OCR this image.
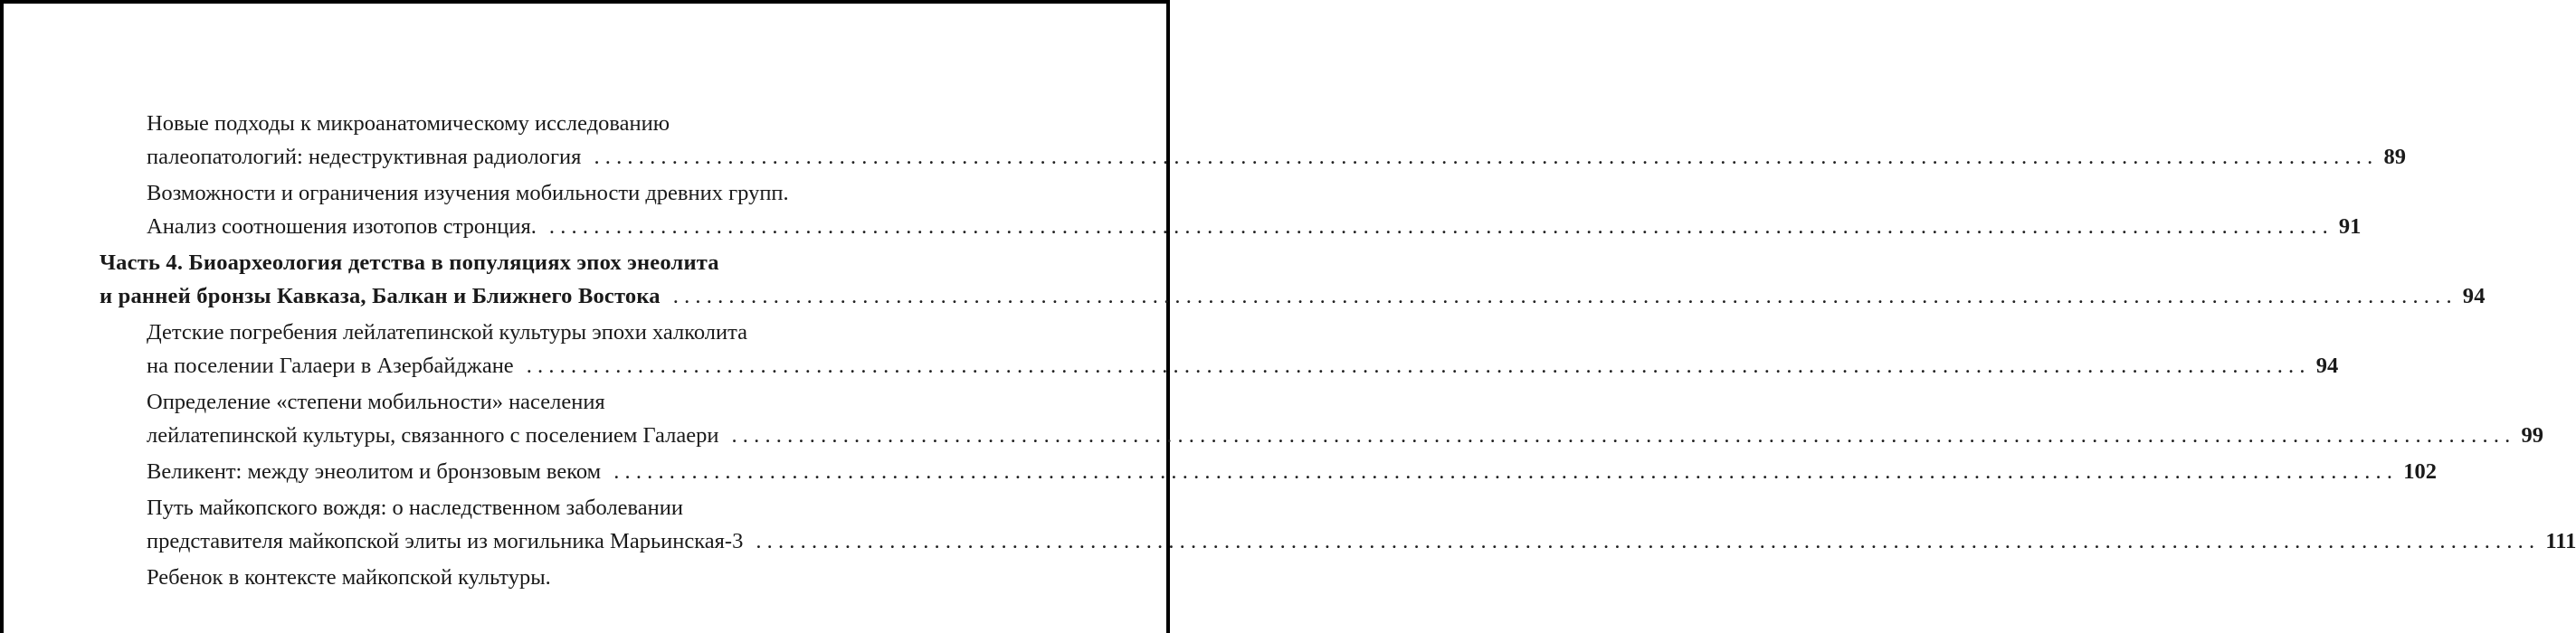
Новые подходы к микроанатомическому исследованию
палеопатологий: недеструктивная радиология ................................................................................................................................................................ 89
Возможности и ограничения изучения мобильности древних групп.
Анализ соотношения изотопов стронция. ................................................................................................................................................................ 91
Часть 4. Биоархеология детства в популяциях эпох энеолита
и ранней бронзы Кавказа, Балкан и Ближнего Востока ................................................................................................................................................................ 94
Детские погребения лейлатепинской культуры эпохи халколита
на поселении Галаери в Азербайджане ................................................................................................................................................................ 94
Определение «степени мобильности» населения
лейлатепинской культуры, связанного с поселением Галаери ................................................................................................................................................................ 99
Великент: между энеолитом и бронзовым веком ................................................................................................................................................................ 102
Путь майкопского вождя: о наследственном заболевании
представителя майкопской элиты из могильника Марьинская-3 ................................................................................................................................................................ 111
Ребенок в контексте майкопской культуры.
